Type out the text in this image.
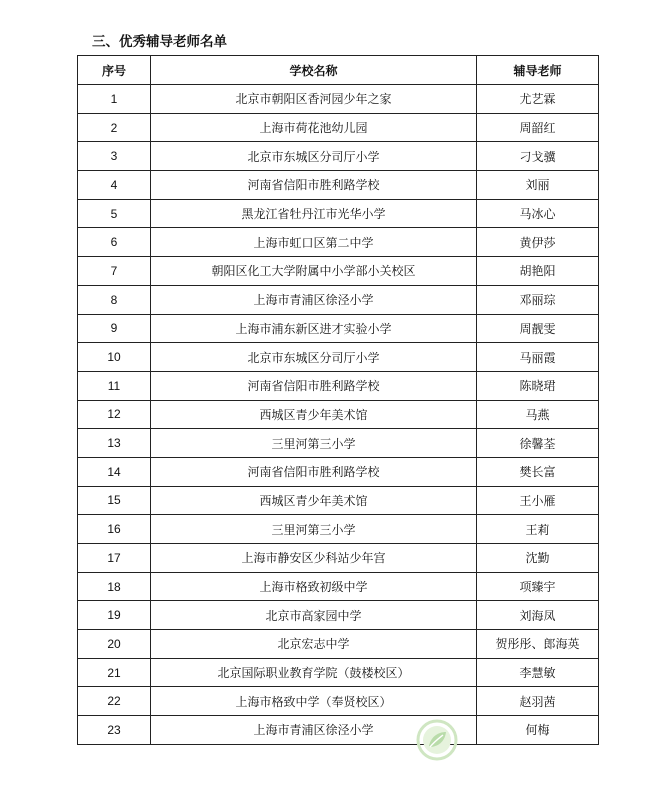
三、优秀辅导老师名单
序号	学校名称	辅导老师
1	北京市朝阳区香河园少年之家	尤艺霖
2	上海市荷花池幼儿园	周韶红
3	北京市东城区分司厅小学	刁戈骥
4	河南省信阳市胜利路学校	刘丽
5	黑龙江省牡丹江市光华小学	马冰心
6	上海市虹口区第二中学	黄伊莎
7	朝阳区化工大学附属中小学部小关校区	胡艳阳
8	上海市青浦区徐泾小学	邓丽琮
9	上海市浦东新区进才实验小学	周靓雯
10	北京市东城区分司厅小学	马丽霞
11	河南省信阳市胜利路学校	陈晓珺
12	西城区青少年美术馆	马燕
13	三里河第三小学	徐馨荃
14	河南省信阳市胜利路学校	樊长富
15	西城区青少年美术馆	王小雁
16	三里河第三小学	王莉
17	上海市静安区少科站少年宫	沈勤
18	上海市格致初级中学	项臻宇
19	北京市高家园中学	刘海凤
20	北京宏志中学	贺彤彤、郎海英
21	北京国际职业教育学院（鼓楼校区）	李慧敏
22	上海市格致中学（奉贤校区）	赵羽茜
23	上海市青浦区徐泾小学	何梅
